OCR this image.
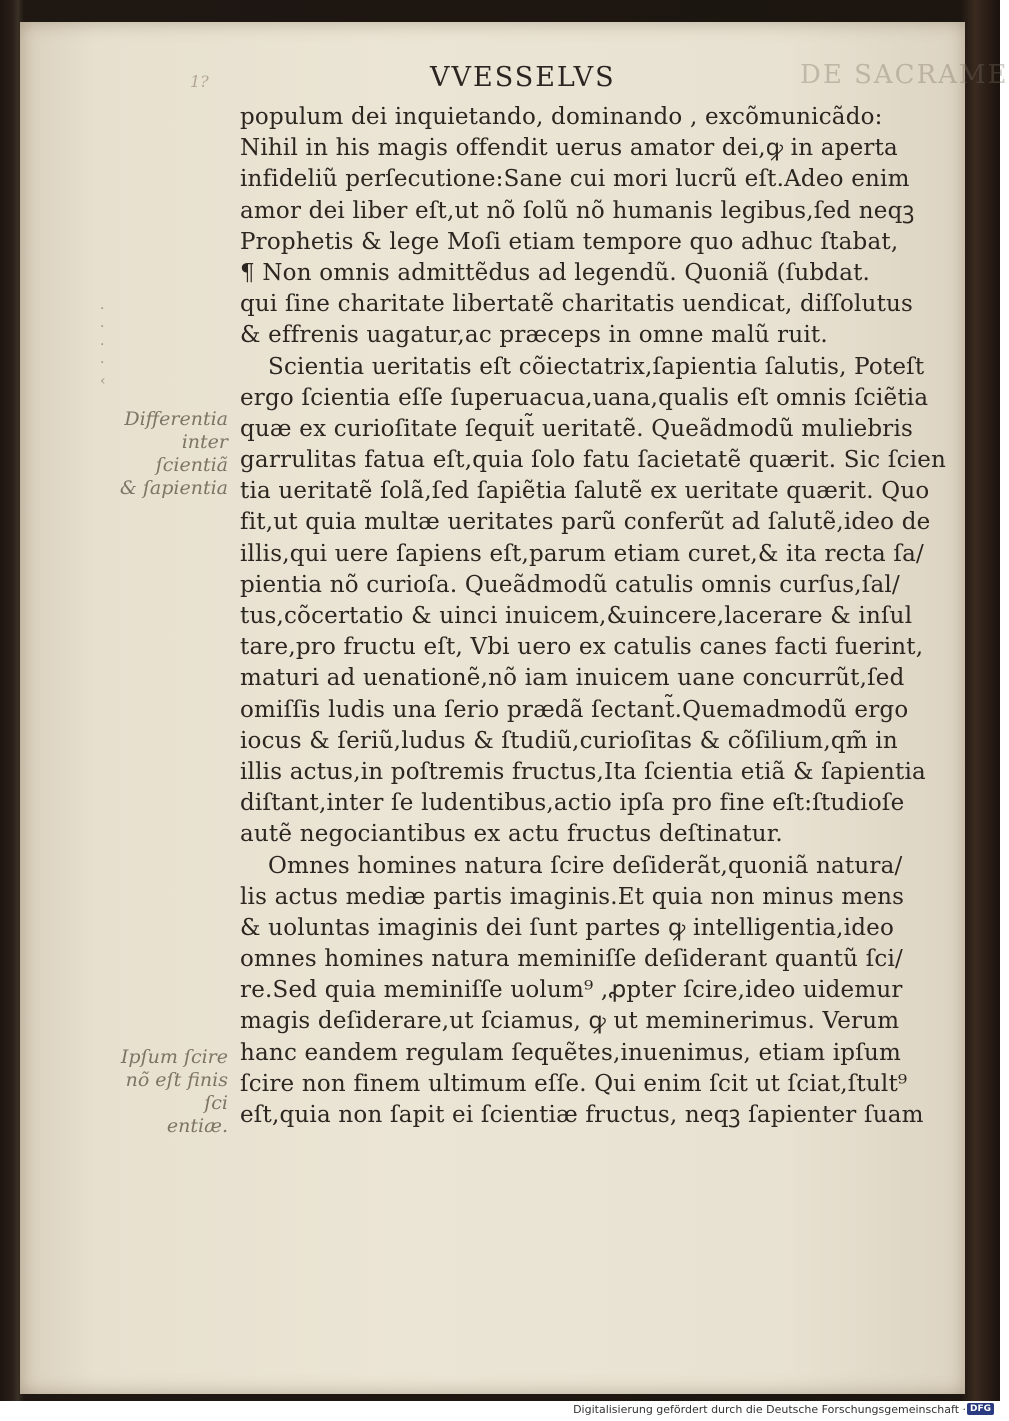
DE SACRAME
1?	VVESSELVS
·
·
·
·
‹
populum dei inquietando, dominando , excõmunicãdo:
Nihil in his magis offendit uerus amator dei,ꝙ in aperta
infideliũ perſecutione:Sane cui mori lucrũ eſt.Adeo enim
amor dei liber eſt,ut nõ ſolũ nõ humanis legibus,ſed neqꝫ
Prophetis & lege Moſi etiam tempore quo adhuc ſtabat,
¶ Non omnis admittẽdus ad legendũ. Quoniã (ſubdat.
qui ſine charitate libertatẽ charitatis uendicat, diſſolutus
& effrenis uagatur,ac præceps in omne malũ ruit.
Scientia ueritatis eſt cõiectatrix,ſapientia ſalutis, Poteſt
ergo ſcientia eſſe ſuperuacua,uana,qualis eſt omnis ſciẽtia
quæ ex curioſitate ſequit̃ ueritatẽ. Queãdmodũ muliebris
garrulitas fatua eſt,quia ſolo fatu ſacietatẽ quærit. Sic ſcien
tia ueritatẽ ſolã,ſed ſapiẽtia ſalutẽ ex ueritate quærit. Quo
fit,ut quia multæ ueritates parũ conferũt ad ſalutẽ,ideo de
illis,qui uere ſapiens eſt,parum etiam curet,& ita recta ſa/
pientia nõ curioſa. Queãdmodũ catulis omnis curſus,ſal/
tus,cõcertatio & uinci inuicem,&uincere,lacerare & inſul
tare,pro fructu eſt, Vbi uero ex catulis canes facti fuerint,
maturi ad uenationẽ,nõ iam inuicem uane concurrũt,ſed
omiſſis ludis una ſerio prædã ſectant̃.Quemadmodũ ergo
iocus & ſeriũ,ludus & ſtudiũ,curioſitas & cõſilium,qm̃ in
illis actus,in poſtremis fructus,Ita ſcientia etiã & ſapientia
diſtant,inter ſe ludentibus,actio ipſa pro fine eſt:ſtudioſe
autẽ negociantibus ex actu fructus deſtinatur.
Omnes homines natura ſcire deſiderãt,quoniã natura/
lis actus mediæ partis imaginis.Et quia non minus mens
& uoluntas imaginis dei ſunt partes ꝙ intelligentia,ideo
omnes homines natura meminiſſe deſiderant quantũ ſci/
re.Sed quia meminiſſe uolum⁹ ,ꝓpter ſcire,ideo uidemur
magis deſiderare,ut ſciamus, ꝙ ut meminerimus. Verum
hanc eandem regulam ſequẽtes,inuenimus, etiam ipſum
ſcire non finem ultimum eſſe. Qui enim ſcit ut ſciat,ſtult⁹
eſt,quia non ſapit ei ſcientiæ fructus, neqꝫ ſapienter ſuam
Differentia
inter ſcientiã
& ſapientia
Ipſum ſcire
nõ eſt finis ſci
entiæ.
Digitalisierung gefördert durch die Deutsche Forschungsgemeinschaft · DFG
